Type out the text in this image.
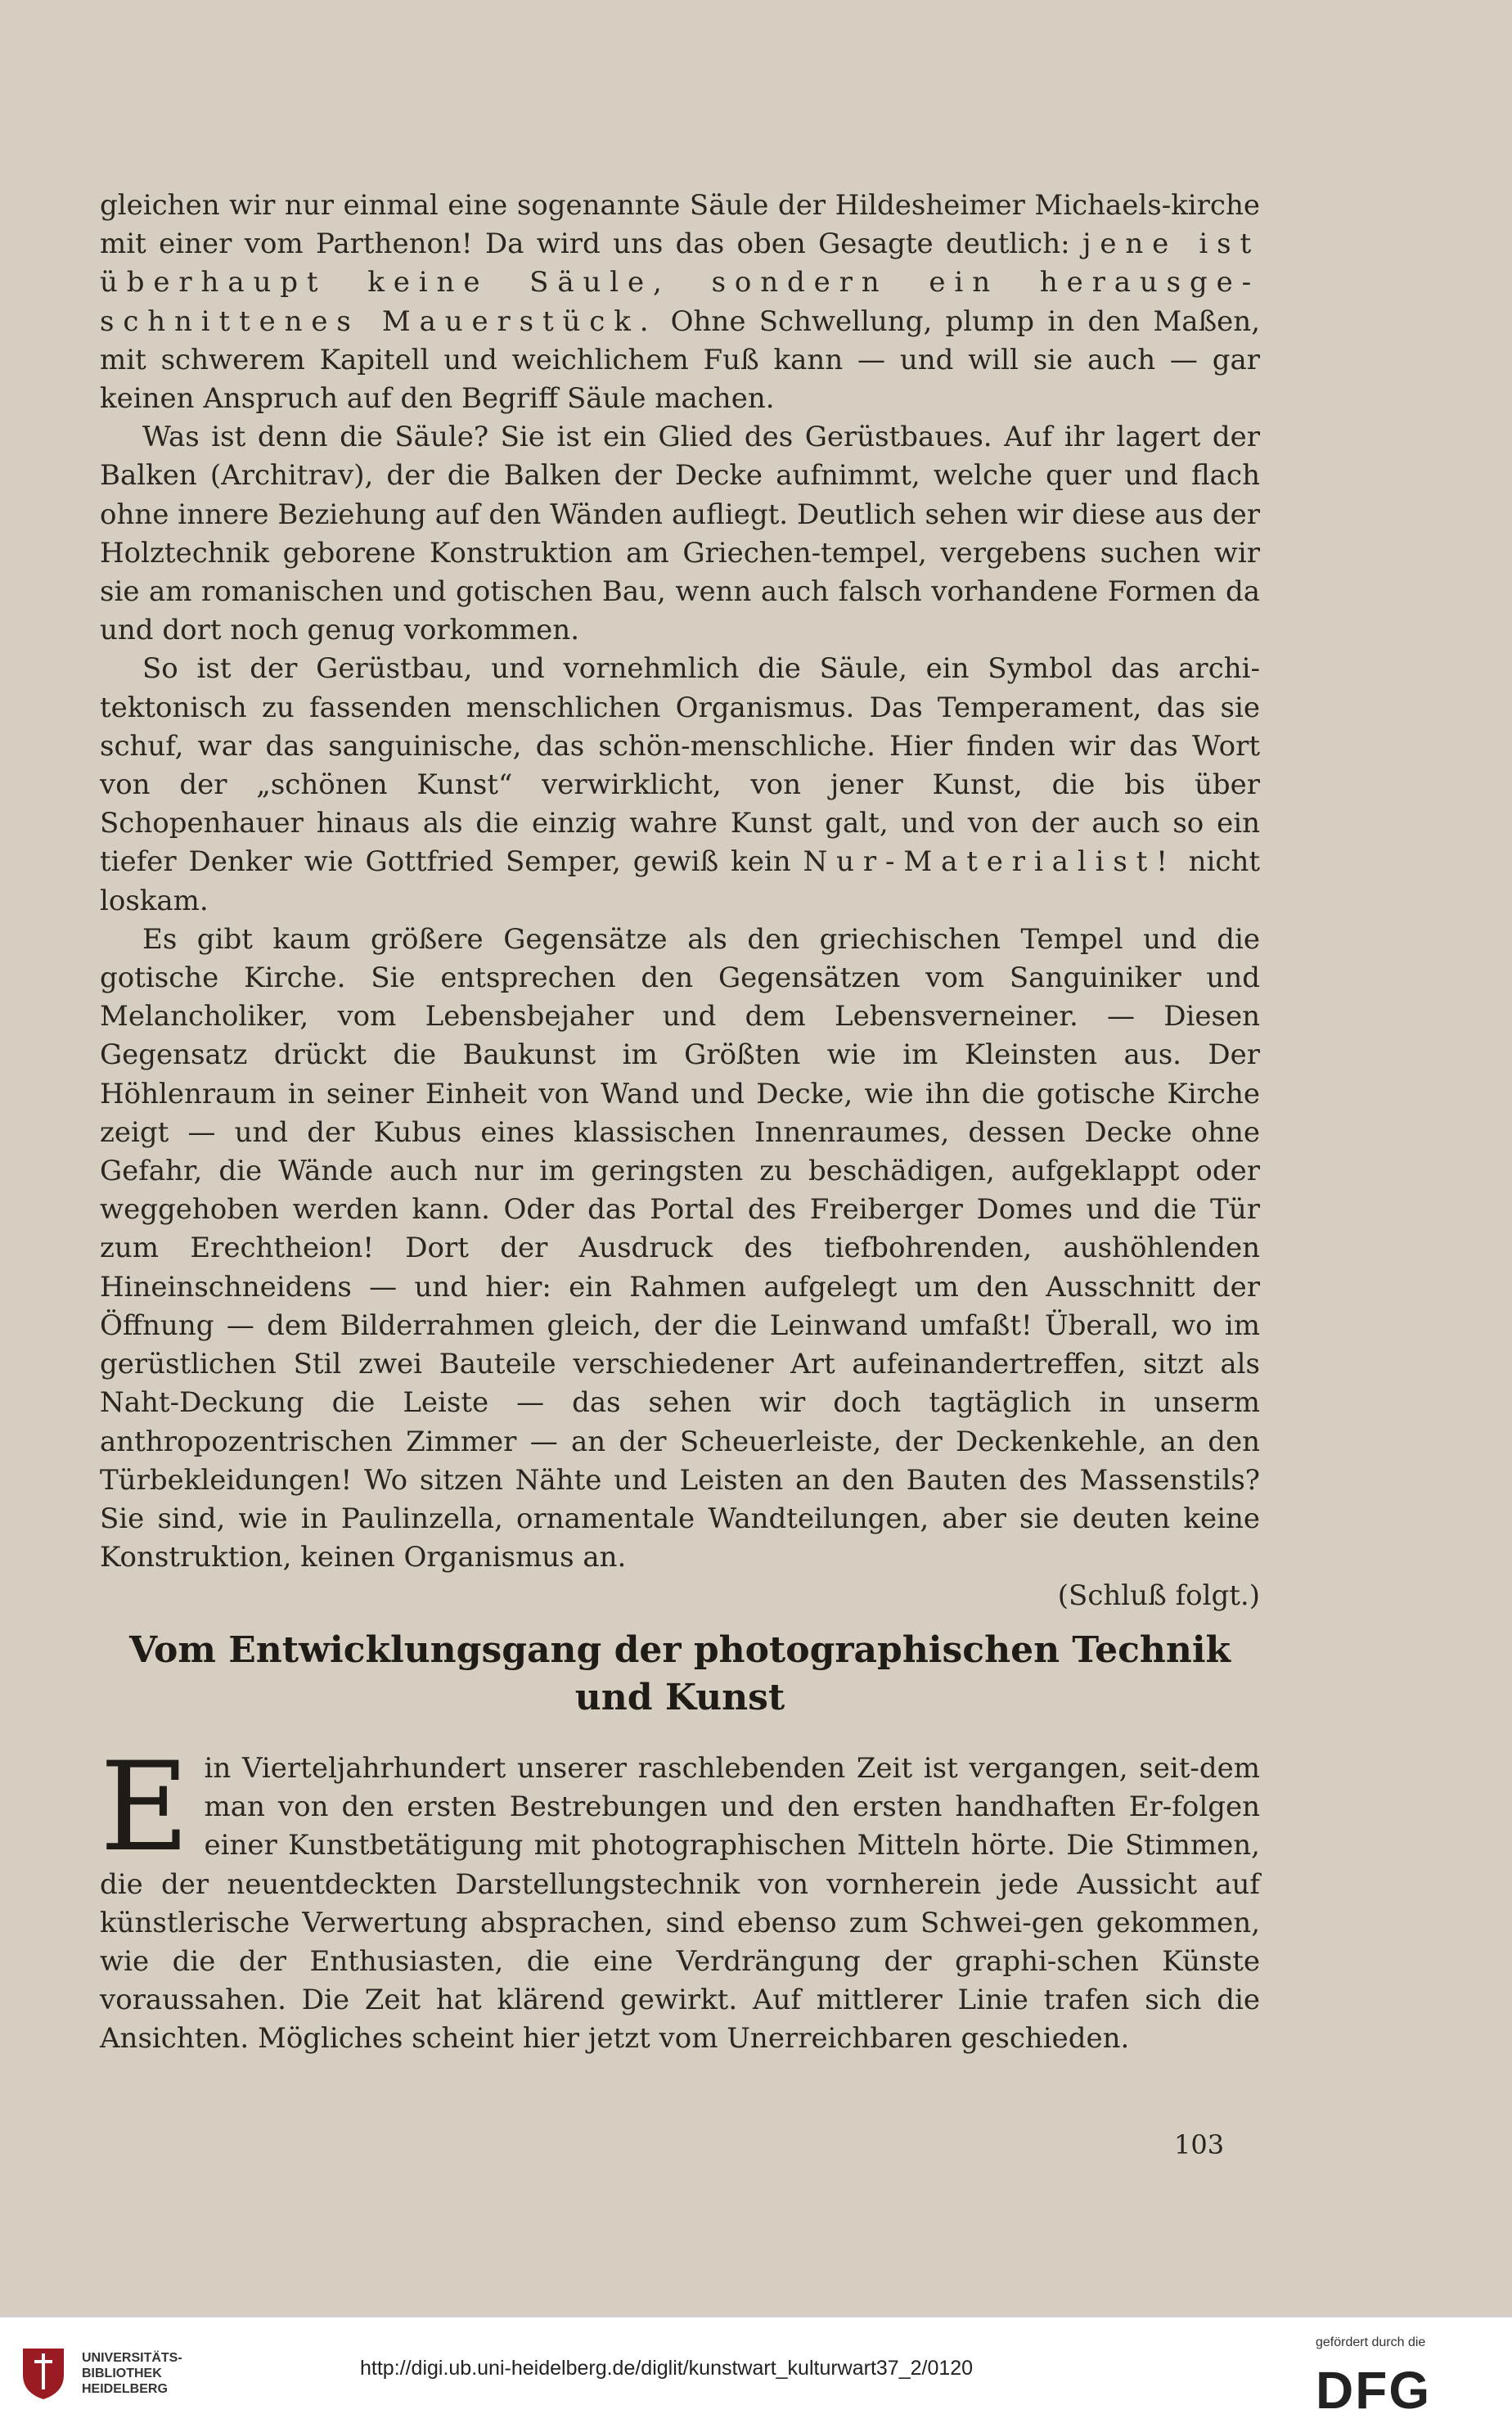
gleichen wir nur einmal eine sogenannte Säule der Hildesheimer Michaels-kirche mit einer vom Parthenon! Da wird uns das oben Gesagte deutlich: jene ist überhaupt keine Säule, sondern ein herausge-schnittenes Mauerstück. Ohne Schwellung, plump in den Maßen, mit schwerem Kapitell und weichlichem Fuß kann — und will sie auch — gar keinen Anspruch auf den Begriff Säule machen.

Was ist denn die Säule? Sie ist ein Glied des Gerüstbaues. Auf ihr lagert der Balken (Architrav), der die Balken der Decke aufnimmt, welche quer und flach ohne innere Beziehung auf den Wänden aufliegt. Deutlich sehen wir diese aus der Holztechnik geborene Konstruktion am Griechen-tempel, vergebens suchen wir sie am romanischen und gotischen Bau, wenn auch falsch vorhandene Formen da und dort noch genug vorkommen.

So ist der Gerüstbau, und vornehmlich die Säule, ein Symbol das archi-tektonisch zu fassenden menschlichen Organismus. Das Temperament, das sie schuf, war das sanguinische, das schön-menschliche. Hier finden wir das Wort von der „schönen Kunst“ verwirklicht, von jener Kunst, die bis über Schopenhauer hinaus als die einzig wahre Kunst galt, und von der auch so ein tiefer Denker wie Gottfried Semper, gewiß kein Nur-Materialist! nicht loskam.

Es gibt kaum größere Gegensätze als den griechischen Tempel und die gotische Kirche. Sie entsprechen den Gegensätzen vom Sanguiniker und Melancholiker, vom Lebensbejaher und dem Lebensverneiner. — Diesen Gegensatz drückt die Baukunst im Größten wie im Kleinsten aus. Der Höhlenraum in seiner Einheit von Wand und Decke, wie ihn die gotische Kirche zeigt — und der Kubus eines klassischen Innenraumes, dessen Decke ohne Gefahr, die Wände auch nur im geringsten zu beschädigen, aufgeklappt oder weggehoben werden kann. Oder das Portal des Freiberger Domes und die Tür zum Erechtheion! Dort der Ausdruck des tiefbohrenden, aushöhlenden Hineinschneidens — und hier: ein Rahmen aufgelegt um den Ausschnitt der Öffnung — dem Bilderrahmen gleich, der die Leinwand umfaßt! Überall, wo im gerüstlichen Stil zwei Bauteile verschiedener Art aufeinandertreffen, sitzt als Naht-Deckung die Leiste — das sehen wir doch tagtäglich in unserm anthropozentrischen Zimmer — an der Scheuerleiste, der Deckenkehle, an den Türbekleidungen! Wo sitzen Nähte und Leisten an den Bauten des Massenstils? Sie sind, wie in Paulinzella, ornamentale Wandteilungen, aber sie deuten keine Konstruktion, keinen Organismus an.

(Schluß folgt.)

Vom Entwicklungsgang der photographischen Technik
und Kunst
E in Vierteljahrhundert unserer raschlebenden Zeit ist vergangen, seit-dem man von den ersten Bestrebungen und den ersten handhaften Er-folgen einer Kunstbetätigung mit photographischen Mitteln hörte. Die Stimmen, die der neuentdeckten Darstellungstechnik von vornherein jede Aussicht auf künstlerische Verwertung absprachen, sind ebenso zum Schwei-gen gekommen, wie die der Enthusiasten, die eine Verdrängung der graphi-schen Künste voraussahen. Die Zeit hat klärend gewirkt. Auf mittlerer Linie trafen sich die Ansichten. Mögliches scheint hier jetzt vom Unerreichbaren geschieden.
103
UNIVERSITÄTS-
BIBLIOTHEK
HEIDELBERG
http://digi.ub.uni-heidelberg.de/diglit/kunstwart_kulturwart37_2/0120
gefördert durch die
DFG
